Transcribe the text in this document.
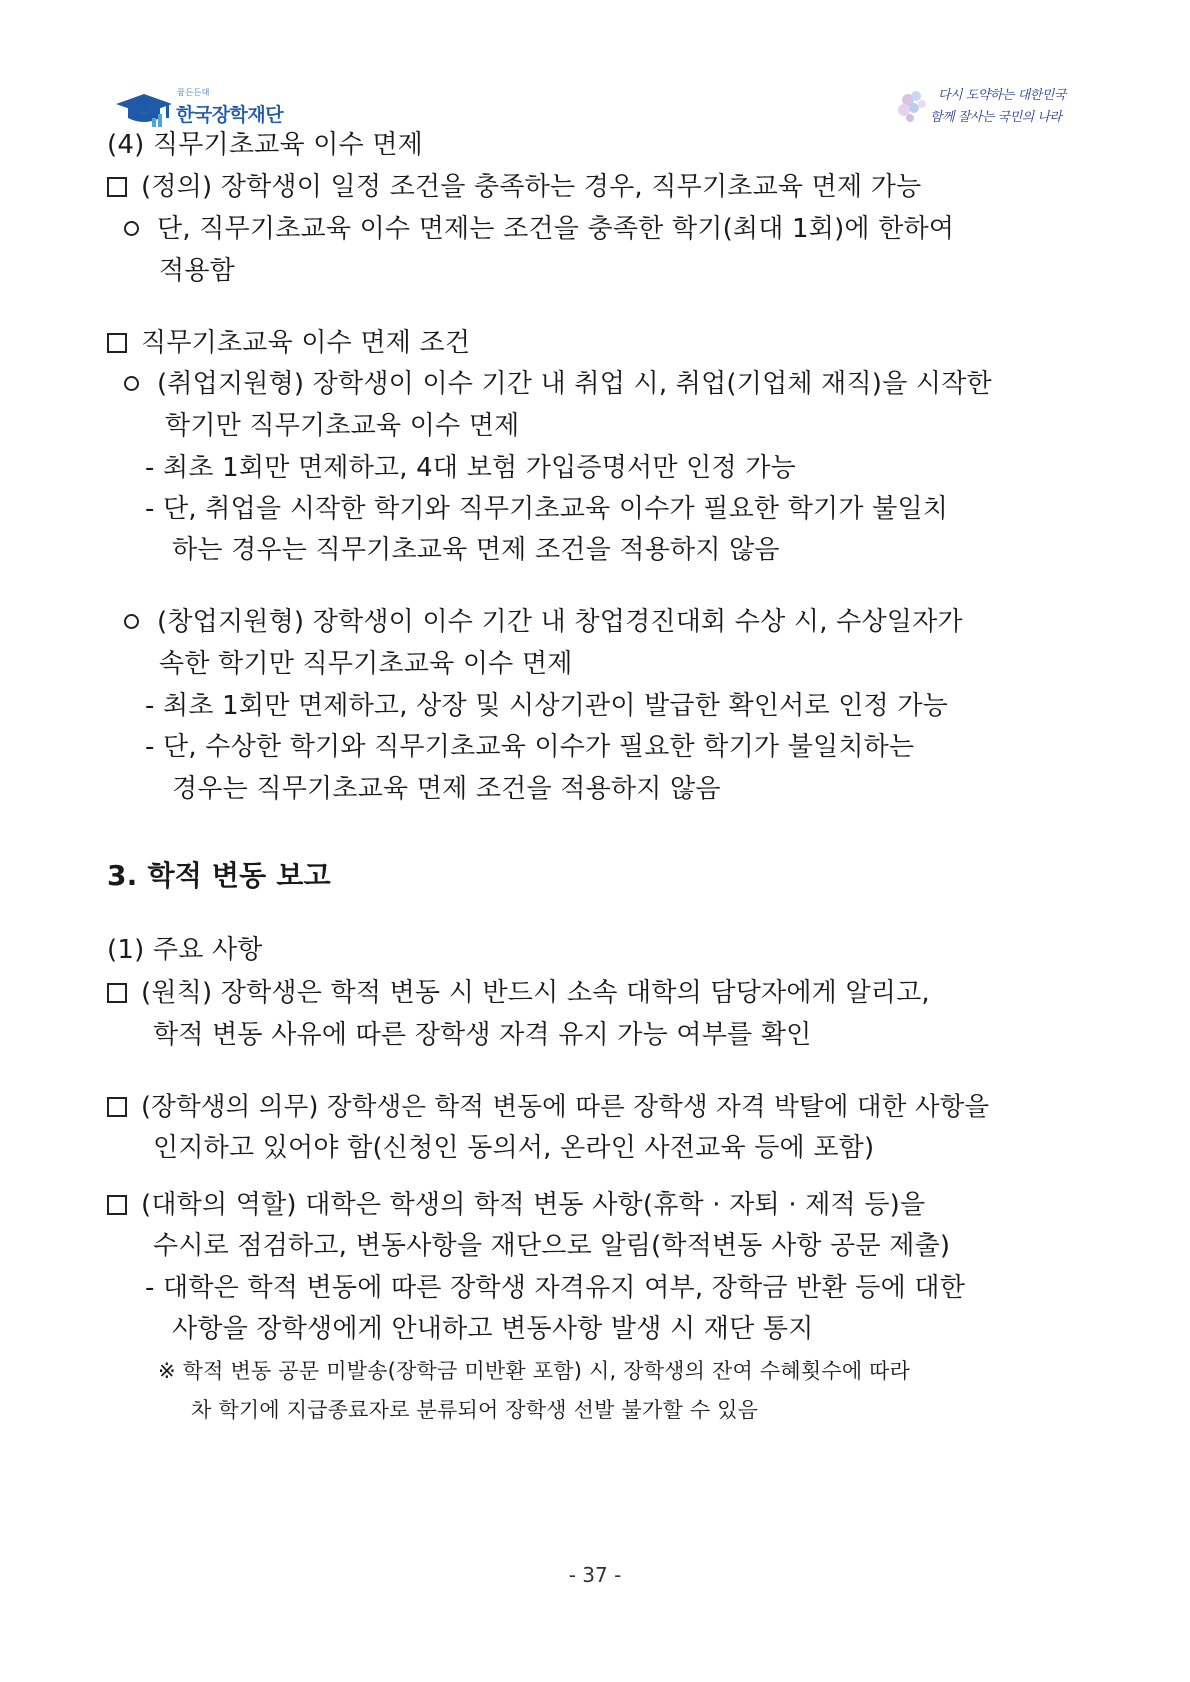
꿈든든대
한국장학재단
다시 도약하는 대한민국
함께 잘사는 국민의 나라
(4) 직무기초교육 이수 면제
(정의) 장학생이 일정 조건을 충족하는 경우, 직무기초교육 면제 가능
단, 직무기초교육 이수 면제는 조건을 충족한 학기(최대 1회)에 한하여
적용함
직무기초교육 이수 면제 조건
(취업지원형) 장학생이 이수 기간 내 취업 시, 취업(기업체 재직)을 시작한
학기만 직무기초교육 이수 면제
- 최초 1회만 면제하고, 4대 보험 가입증명서만 인정 가능
- 단, 취업을 시작한 학기와 직무기초교육 이수가 필요한 학기가 불일치
하는 경우는 직무기초교육 면제 조건을 적용하지 않음
(창업지원형) 장학생이 이수 기간 내 창업경진대회 수상 시, 수상일자가
속한 학기만 직무기초교육 이수 면제
- 최초 1회만 면제하고, 상장 및 시상기관이 발급한 확인서로 인정 가능
- 단, 수상한 학기와 직무기초교육 이수가 필요한 학기가 불일치하는
경우는 직무기초교육 면제 조건을 적용하지 않음
3. 학적 변동 보고
(1) 주요 사항
(원칙) 장학생은 학적 변동 시 반드시 소속 대학의 담당자에게 알리고,
학적 변동 사유에 따른 장학생 자격 유지 가능 여부를 확인
(장학생의 의무) 장학생은 학적 변동에 따른 장학생 자격 박탈에 대한 사항을
인지하고 있어야 함(신청인 동의서, 온라인 사전교육 등에 포함)
(대학의 역할) 대학은 학생의 학적 변동 사항(휴학 · 자퇴 · 제적 등)을
수시로 점검하고, 변동사항을 재단으로 알림(학적변동 사항 공문 제출)
- 대학은 학적 변동에 따른 장학생 자격유지 여부, 장학금 반환 등에 대한
사항을 장학생에게 안내하고 변동사항 발생 시 재단 통지
※ 학적 변동 공문 미발송(장학금 미반환 포함) 시, 장학생의 잔여 수혜횟수에 따라
차 학기에 지급종료자로 분류되어 장학생 선발 불가할 수 있음
- 37 -
